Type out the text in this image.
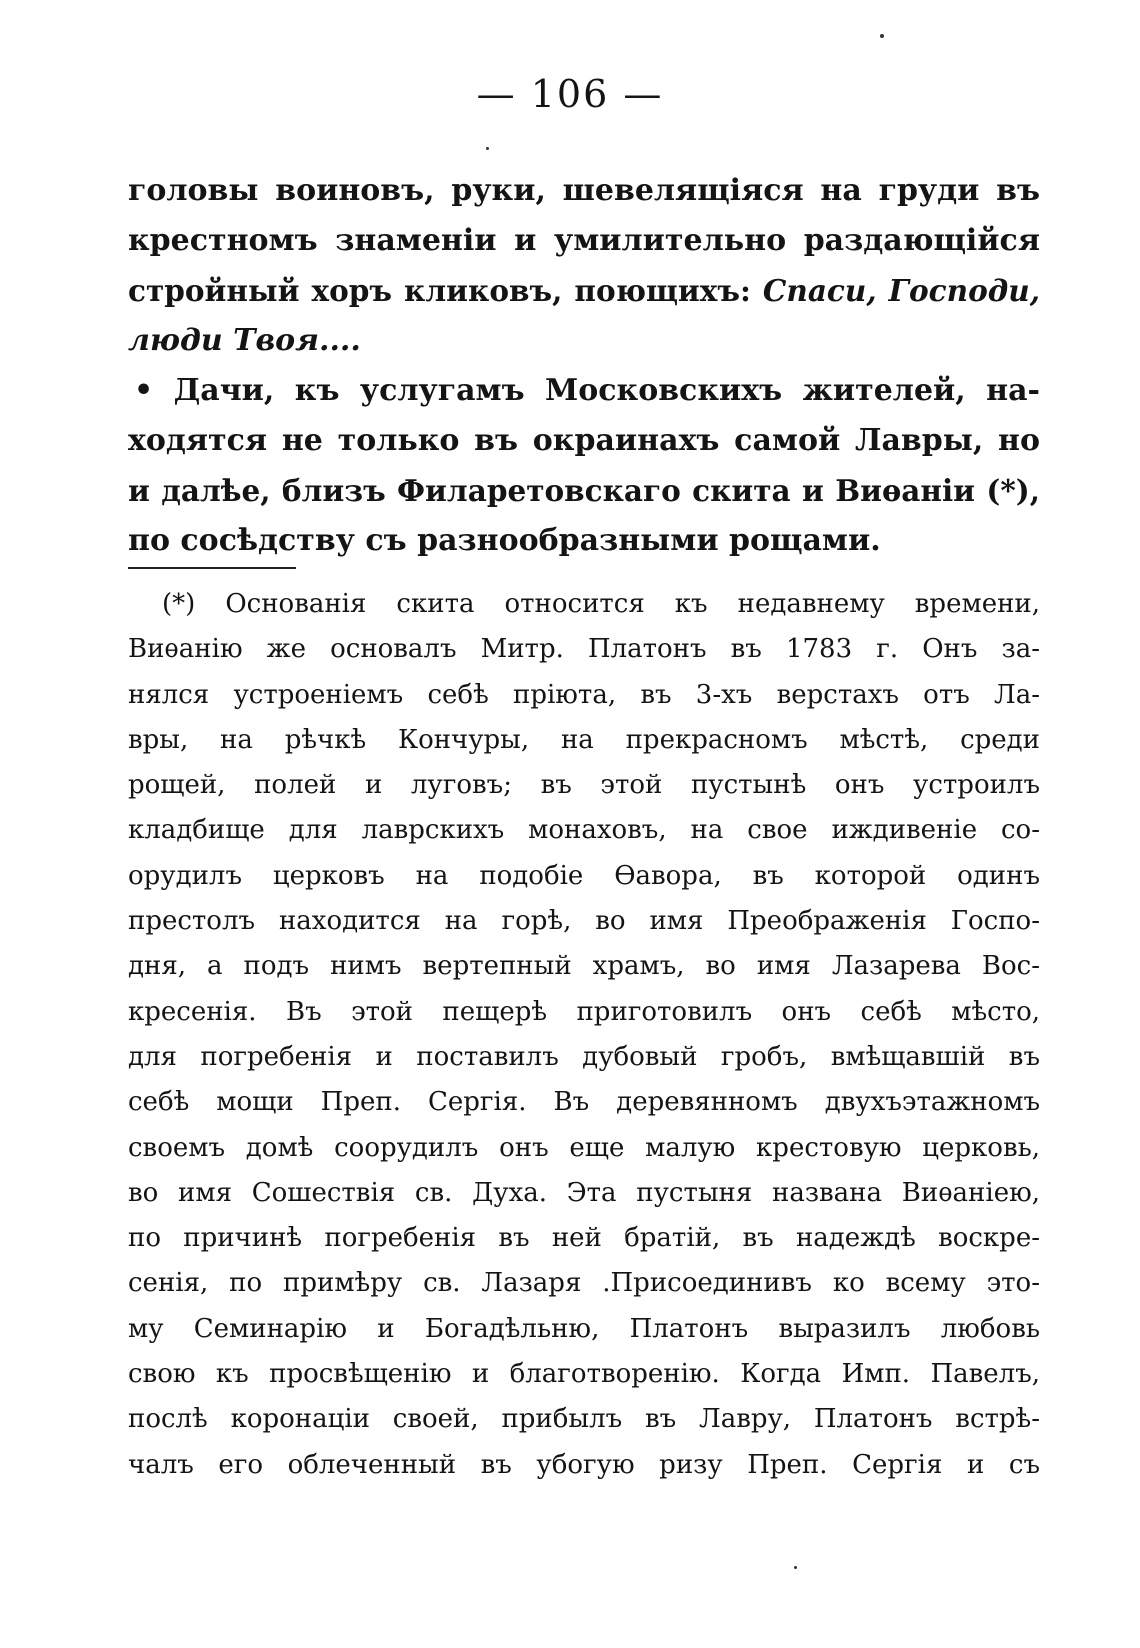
— 106 —
головы воиновъ, руки, шевелящіяся на груди въ
крестномъ знаменіи и умилительно раздающійся
стройный хоръ кликовъ, поющихъ: Спаси, Господи,
люди Твоя....
• Дачи, къ услугамъ Московскихъ жителей, на-
ходятся не только въ окраинахъ самой Лавры, но
и далѣе, близъ Филаретовскаго скита и Виѳаніи (*),
по сосѣдству съ разнообразными рощами.
(*) Основанія скита относится къ недавнему времени,
Виѳанію же основалъ Митр. Платонъ въ 1783 г. Онъ за-
нялся устроеніемъ себѣ пріюта, въ 3-хъ верстахъ отъ Ла-
вры, на рѣчкѣ Кончуры, на прекрасномъ мѣстѣ, среди
рощей, полей и луговъ; въ этой пустынѣ онъ устроилъ
кладбище для лаврскихъ монаховъ, на свое иждивеніе со-
орудилъ церковъ на подобіе Ѳавора, въ которой одинъ
престолъ находится на горѣ, во имя Преображенія Госпо-
дня, а подъ нимъ вертепный храмъ, во имя Лазарева Вос-
кресенія. Въ этой пещерѣ приготовилъ онъ себѣ мѣсто,
для погребенія и поставилъ дубовый гробъ, вмѣщавшій въ
себѣ мощи Преп. Сергія. Въ деревянномъ двухъэтажномъ
своемъ домѣ соорудилъ онъ еще малую крестовую церковь,
во имя Сошествія св. Духа. Эта пустыня названа Виѳаніею,
по причинѣ погребенія въ ней братій, въ надеждѣ воскре-
сенія, по примѣру св. Лазаря .Присоединивъ ко всему это-
му Семинарію и Богадѣльню, Платонъ выразилъ любовь
свою къ просвѣщенію и благотворенію. Когда Имп. Павелъ,
послѣ коронаціи своей, прибылъ въ Лавру, Платонъ встрѣ-
чалъ его облеченный въ убогую ризу Преп. Сергія и съ
